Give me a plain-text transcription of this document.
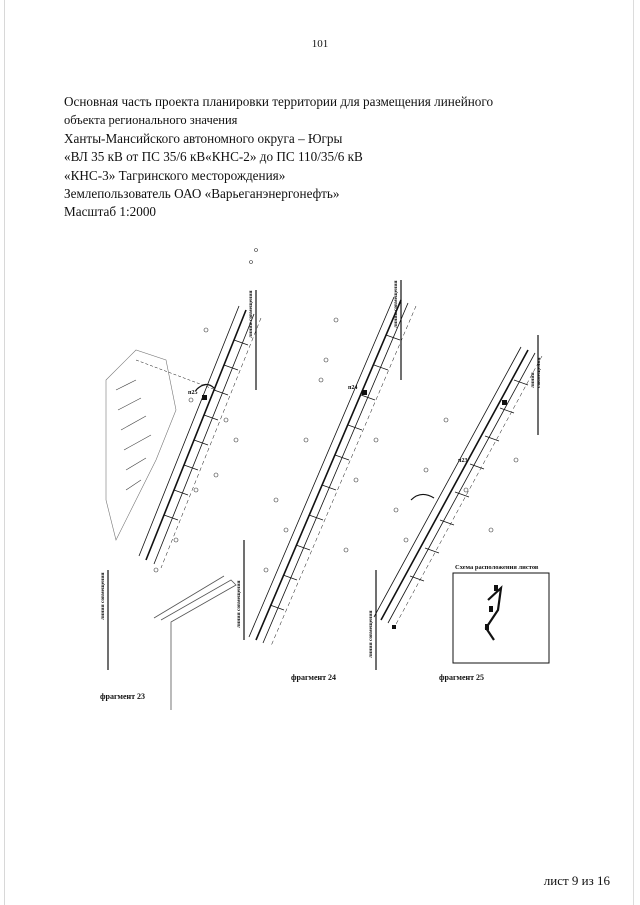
101
Основная часть проекта планировки территории для размещения линейного
объекта регионального значения
Ханты-Мансийского автономного округа – Югры
«ВЛ 35 кВ от ПС 35/6 кВ«КНС-2» до ПС 110/35/6 кВ
«КНС-3» Тагринского месторождения»
Землепользователь ОАО «Варьеганэнергонефть»
Масштаб 1:2000
фрагмент 23
фрагмент 24	фрагмент 25
Схема расположения листов
линия совмещения
линия совмещения
линия совмещения
линия совмещения
линия совмещения
линия совмещения
п25
п24
п23
лист 9 из 16
